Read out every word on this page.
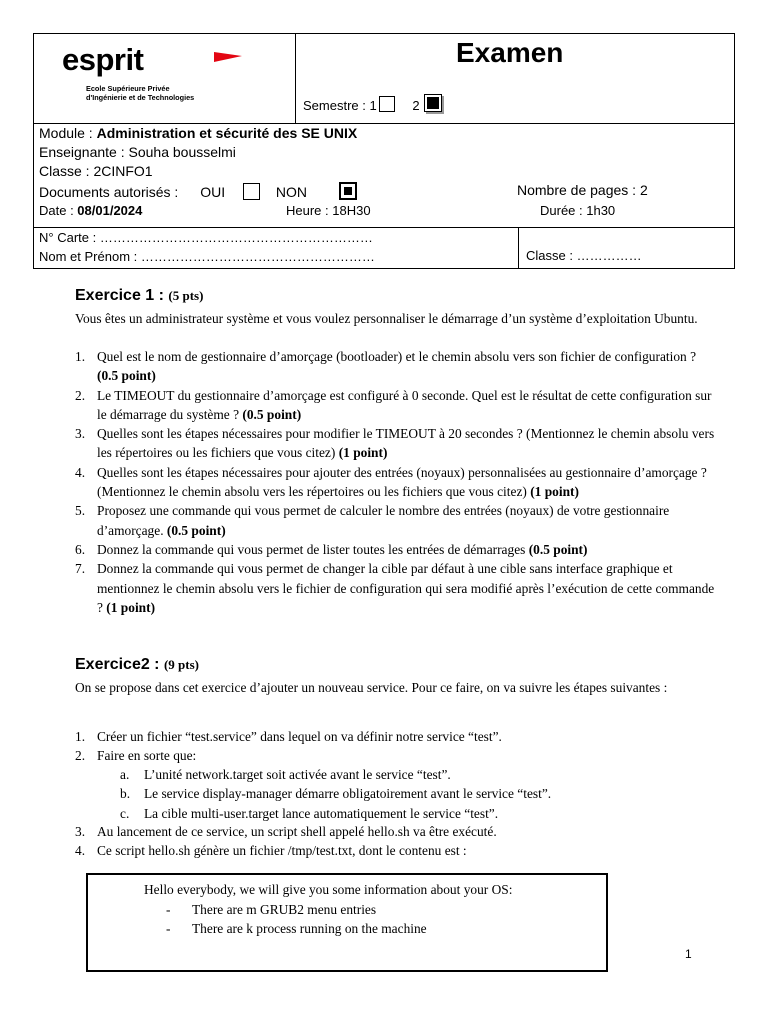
esprit
Ecole Supérieure Privée
d'Ingénierie et de Technologies
Examen
Semestre : 1	2
Module : Administration et sécurité des SE UNIX
Enseignante : Souha bousselmi
Classe : 2CINFO1
Documents autorisés : OUI	NON	Nombre de pages : 2
Date : 08/01/2024	Heure : 18H30	Durée : 1h30
N° Carte : ………………………………………………………
Nom et Prénom : ………………………………………………	Classe : ……………
Exercice 1 : (5 pts)
Vous êtes un administrateur système et vous voulez personnaliser le démarrage d’un système d’exploitation Ubuntu.
1. Quel est le nom de gestionnaire d’amorçage (bootloader) et le chemin absolu vers son fichier de configuration ? (0.5 point)
2. Le TIMEOUT du gestionnaire d’amorçage est configuré à 0 seconde. Quel est le résultat de cette configuration sur le démarrage du système ? (0.5 point)
3. Quelles sont les étapes nécessaires pour modifier le TIMEOUT à 20 secondes ? (Mentionnez le chemin absolu vers les répertoires ou les fichiers que vous citez) (1 point)
4. Quelles sont les étapes nécessaires pour ajouter des entrées (noyaux) personnalisées au gestionnaire d’amorçage ? (Mentionnez le chemin absolu vers les répertoires ou les fichiers que vous citez) (1 point)
5. Proposez une commande qui vous permet de calculer le nombre des entrées (noyaux) de votre gestionnaire d’amorçage. (0.5 point)
6. Donnez la commande qui vous permet de lister toutes les entrées de démarrages (0.5 point)
7. Donnez la commande qui vous permet de changer la cible par défaut à une cible sans interface graphique et mentionnez le chemin absolu vers le fichier de configuration qui sera modifié après l’exécution de cette commande ? (1 point)
Exercice2 : (9 pts)
On se propose dans cet exercice d’ajouter un nouveau service. Pour ce faire, on va suivre les étapes suivantes :
1. Créer un fichier “test.service” dans lequel on va définir notre service “test”.
2. Faire en sorte que:
a. L’unité network.target soit activée avant le service “test”.
b. Le service display-manager démarre obligatoirement avant le service “test”.
c. La cible multi-user.target lance automatiquement le service “test”.
3. Au lancement de ce service, un script shell appelé hello.sh va être exécuté.
4. Ce script hello.sh génère un fichier /tmp/test.txt, dont le contenu est :
Hello everybody, we will give you some information about your OS:
- There are m GRUB2 menu entries
- There are k process running on the machine
1
